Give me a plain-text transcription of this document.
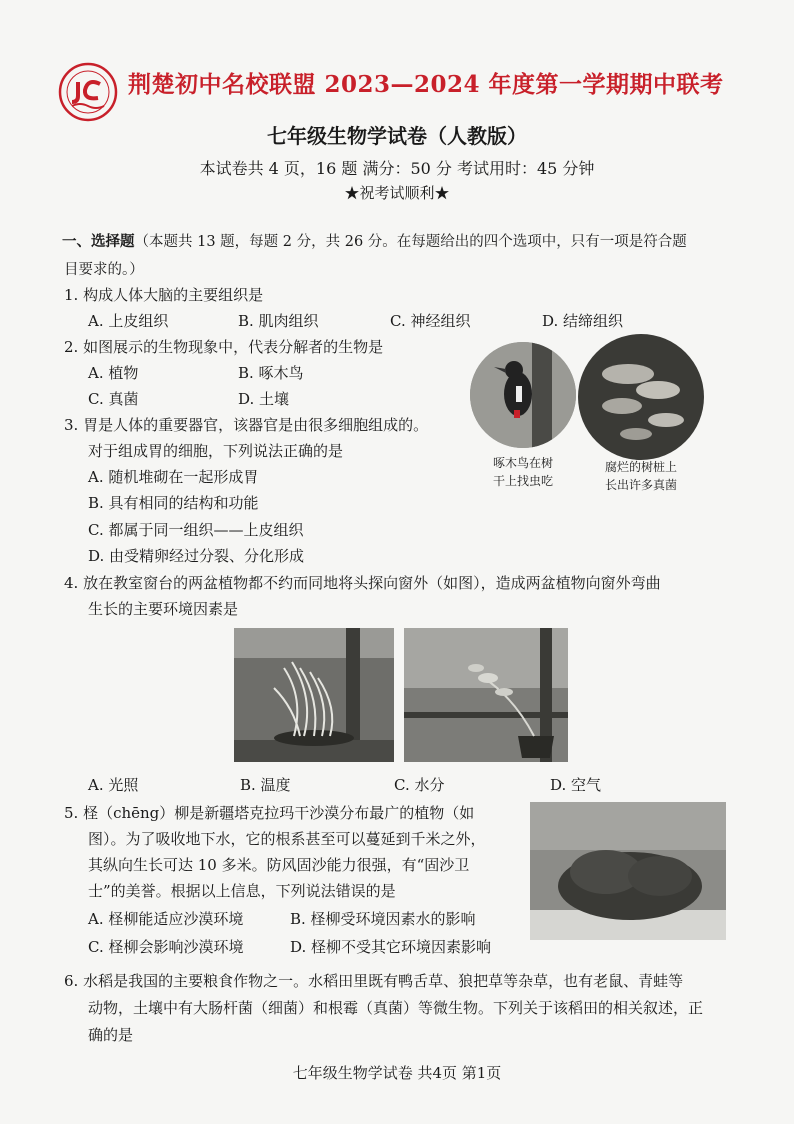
荆楚初中名校联盟 2023—2024 年度第一学期期中联考
七年级生物学试卷（人教版）
本试卷共 4 页，16 题 满分：50 分 考试用时：45 分钟
★祝考试顺利★
一、选择题（本题共 13 题，每题 2 分，共 26 分。在每题给出的四个选项中，只有一项是符合题
目要求的。）
1. 构成人体大脑的主要组织是
A. 上皮组织	B. 肌肉组织	C. 神经组织	D. 结缔组织
2. 如图展示的生物现象中，代表分解者的生物是
A. 植物	B. 啄木鸟
C. 真菌	D. 土壤
啄木鸟在树
干上找虫吃
腐烂的树桩上
长出许多真菌
3. 胃是人体的重要器官，该器官是由很多细胞组成的。
对于组成胃的细胞，下列说法正确的是
A. 随机堆砌在一起形成胃
B. 具有相同的结构和功能
C. 都属于同一组织——上皮组织
D. 由受精卵经过分裂、分化形成
4. 放在教室窗台的两盆植物都不约而同地将头探向窗外（如图），造成两盆植物向窗外弯曲
生长的主要环境因素是
A. 光照	B. 温度	C. 水分	D. 空气
5. 柽（chēng）柳是新疆塔克拉玛干沙漠分布最广的植物（如
图）。为了吸收地下水，它的根系甚至可以蔓延到千米之外，
其纵向生长可达 10 多米。防风固沙能力很强，有“固沙卫
士”的美誉。根据以上信息，下列说法错误的是
A. 柽柳能适应沙漠环境	B. 柽柳受环境因素水的影响
C. 柽柳会影响沙漠环境	D. 柽柳不受其它环境因素影响
6. 水稻是我国的主要粮食作物之一。水稻田里既有鸭舌草、狼把草等杂草，也有老鼠、青蛙等
动物，土壤中有大肠杆菌（细菌）和根霉（真菌）等微生物。下列关于该稻田的相关叙述，正
确的是
七年级生物学试卷 共4页 第1页
